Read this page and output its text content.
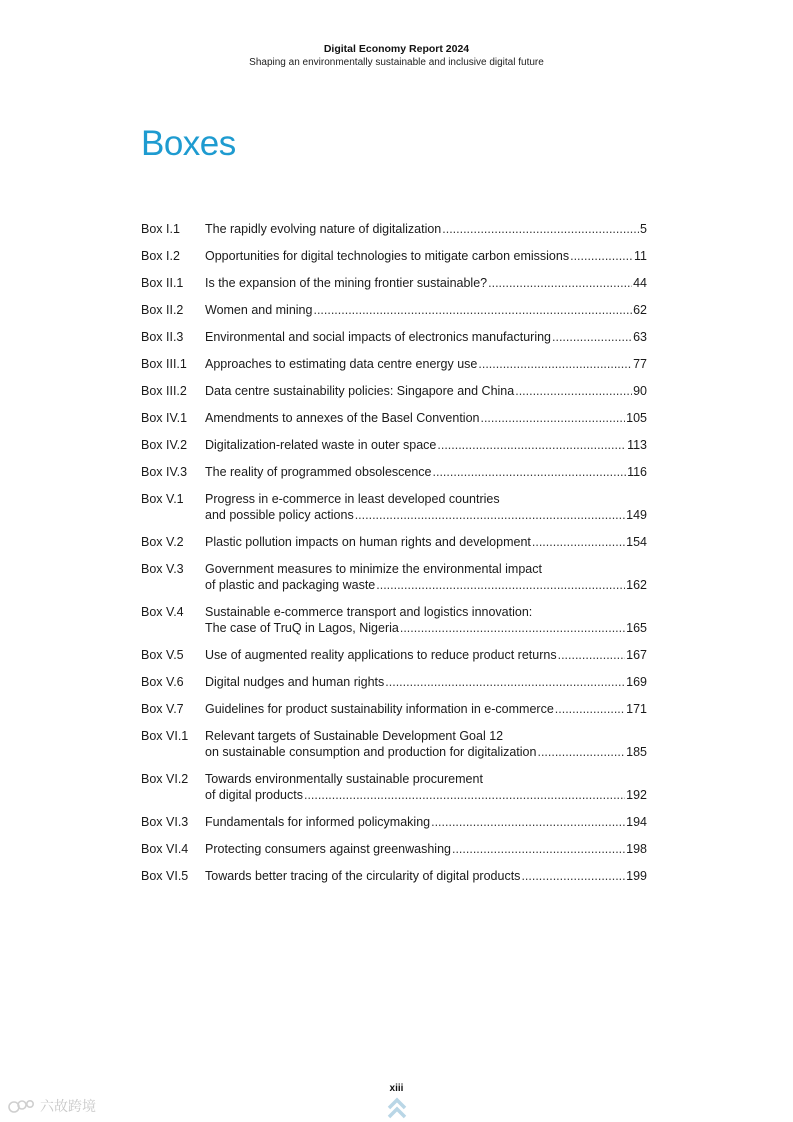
Digital Economy Report 2024
Shaping an environmentally sustainable and inclusive digital future
Boxes
Box I.1	The rapidly evolving nature of digitalization .....	5
Box I.2	Opportunities for digital technologies to mitigate carbon emissions .....	11
Box II.1	Is the expansion of the mining frontier sustainable? .....	44
Box II.2	Women and mining .....	62
Box II.3	Environmental and social impacts of electronics manufacturing .....	63
Box III.1	Approaches to estimating data centre energy use .....	77
Box III.2	Data centre sustainability policies: Singapore and China .....	90
Box IV.1	Amendments to annexes of the Basel Convention .....	105
Box IV.2	Digitalization-related waste in outer space .....	113
Box IV.3	The reality of programmed obsolescence .....	116
Box V.1	Progress in e-commerce in least developed countries
and possible policy actions .....	149
Box V.2	Plastic pollution impacts on human rights and development .....	154
Box V.3	Government measures to minimize the environmental impact
of plastic and packaging waste .....	162
Box V.4	Sustainable e-commerce transport and logistics innovation:
The case of TruQ in Lagos, Nigeria .....	165
Box V.5	Use of augmented reality applications to reduce product returns .....	167
Box V.6	Digital nudges and human rights .....	169
Box V.7	Guidelines for product sustainability information in e-commerce .....	171
Box VI.1	Relevant targets of Sustainable Development Goal 12
on sustainable consumption and production for digitalization .....	185
Box VI.2	Towards environmentally sustainable procurement
of digital products .....	192
Box VI.3	Fundamentals for informed policymaking .....	194
Box VI.4	Protecting consumers against greenwashing .....	198
Box VI.5	Towards better tracing of the circularity of digital products .....	199
xiii
六故跨境
